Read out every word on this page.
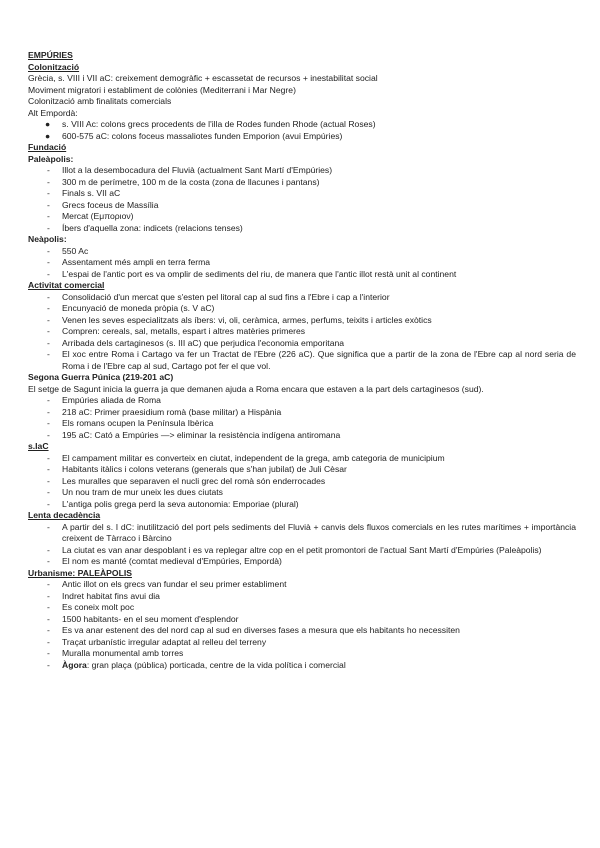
EMPÚRIES
Colonització
Grècia, s. VIII i VII aC: creixement demogràfic + escassetat de recursos + inestabilitat social
Moviment migratori i establiment de colònies (Mediterrani i Mar Negre)
Colonització amb finalitats comercials
Alt Empordà:
●	s. VIII Ac: colons grecs procedents de l'illa de Rodes funden Rhode (actual Roses)
●	600-575 aC: colons foceus massaliotes funden Emporion (avui Empúries)
Fundació
Paleàpolis:
-	Illot a la desembocadura del Fluvià (actualment Sant Martí d'Empúries)
-	300 m de perímetre, 100 m de la costa (zona de llacunes i pantans)
-	Finals s. VII aC
-	Grecs foceus de Massília
-	Mercat (Εμποριον)
-	Íbers d'aquella zona: indicets (relacions tenses)
Neàpolis:
-	550 Ac
-	Assentament més ampli en terra ferma
-	L'espai de l'antic port es va omplir de sediments del riu, de manera que l'antic illot restà unit al continent
Activitat comercial
-	Consolidació d'un mercat que s'esten pel litoral cap al sud fins a l'Ebre i cap a l'interior
-	Encunyació de moneda pròpia (s. V aC)
-	Venen les seves especialitzats als íbers: vi, oli, ceràmica, armes, perfums, teixits i articles exòtics
-	Compren: cereals, sal, metalls, espart i altres matèries primeres
-	Arribada dels cartaginesos (s. III aC) que perjudica l'economia emporitana
-	El xoc entre Roma i Cartago va fer un Tractat de l'Ebre (226 aC). Que significa que a partir de la zona de l'Ebre cap al nord seria de Roma i de l'Ebre cap al sud, Cartago pot fer el que vol.
Segona Guerra Púnica (219-201 aC)
El setge de Sagunt inicia la guerra ja que demanen ajuda a Roma encara que estaven a la part dels cartaginesos (sud).
-	Empúries aliada de Roma
-	218 aC: Primer praesidium romà (base militar) a Hispània
-	Els romans ocupen la Península Ibèrica
-	195 aC: Cató a Empúries —> eliminar la resistència indígena antiromana
s.IaC
-	El campament militar es converteix en ciutat, independent de la grega, amb categoria de municipium
-	Habitants itàlics i colons veterans (generals que s'han jubilat) de Juli Cèsar
-	Les muralles que separaven el nucli grec del romà són enderrocades
-	Un nou tram de mur uneix les dues ciutats
-	L'antiga polis grega perd la seva autonomia: Emporiae (plural)
Lenta decadència
-	A partir del s. I dC: inutilització del port pels sediments del Fluvià + canvis dels fluxos comercials en les rutes marítimes + importància creixent de Tàrraco i Bàrcino
-	La ciutat es van anar despoblant i es va replegar altre cop en el petit promontori de l'actual Sant Martí d'Empúries (Paleàpolis)
-	El nom es manté (comtat medieval d'Empúries, Empordà)
Urbanisme: PALEÀPOLIS
-	Antic illot on els grecs van fundar el seu primer establiment
-	Indret habitat fins avui dia
-	Es coneix molt poc
-	1500 habitants- en el seu moment d'esplendor
-	Es va anar estenent des del nord cap al sud en diverses fases a mesura que els habitants ho necessiten
-	Traçat urbanístic irregular adaptat al relleu del terreny
-	Muralla monumental amb torres
-	Àgora: gran plaça (pública) porticada, centre de la vida política i comercial
